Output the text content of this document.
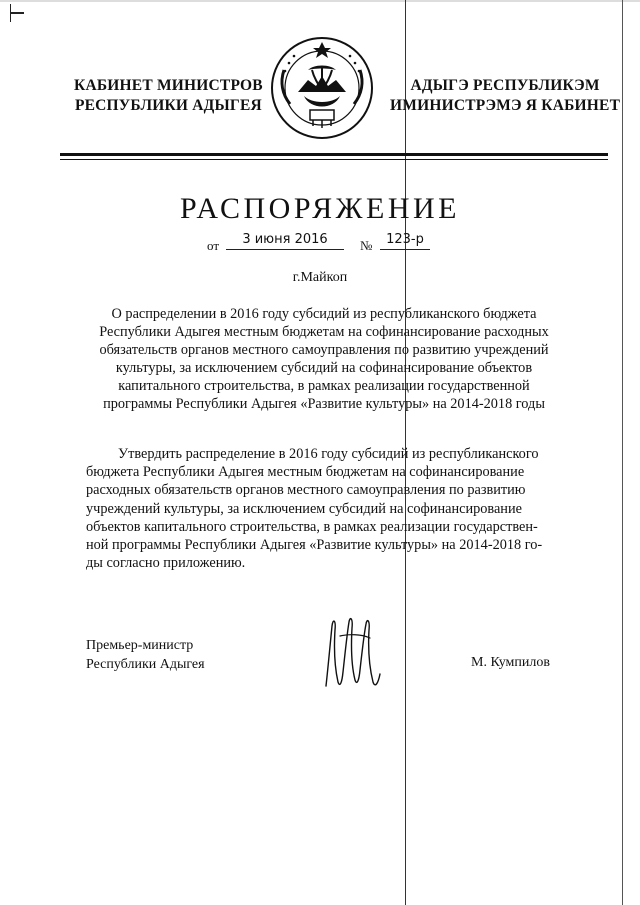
КАБИНЕТ МИНИСТРОВ
РЕСПУБЛИКИ АДЫГЕЯ
АДЫГЭ РЕСПУБЛИКЭМ
ИМИНИСТРЭМЭ Я КАБИНЕТ
РАСПОРЯЖЕНИЕ
от	3 июня 2016	№	123-р
г.Майкоп
О распределении в 2016 году субсидий из республиканского бюджета
Республики Адыгея местным бюджетам на софинансирование расходных
обязательств органов местного самоуправления по развитию учреждений
культуры, за исключением субсидий на софинансирование объектов
капитального строительства, в рамках реализации государственной
программы Республики Адыгея «Развитие культуры» на 2014-2018 годы
Утвердить распределение в 2016 году субсидий из республиканского
бюджета Республики Адыгея местным бюджетам на софинансирование
расходных обязательств органов местного самоуправления по развитию
учреждений культуры, за исключением субсидий на софинансирование
объектов капитального строительства, в рамках реализации государствен-
ной программы Республики Адыгея «Развитие культуры» на 2014-2018 го-
ды согласно приложению.
Премьер-министр
Республики Адыгея	М. Кумпилов
